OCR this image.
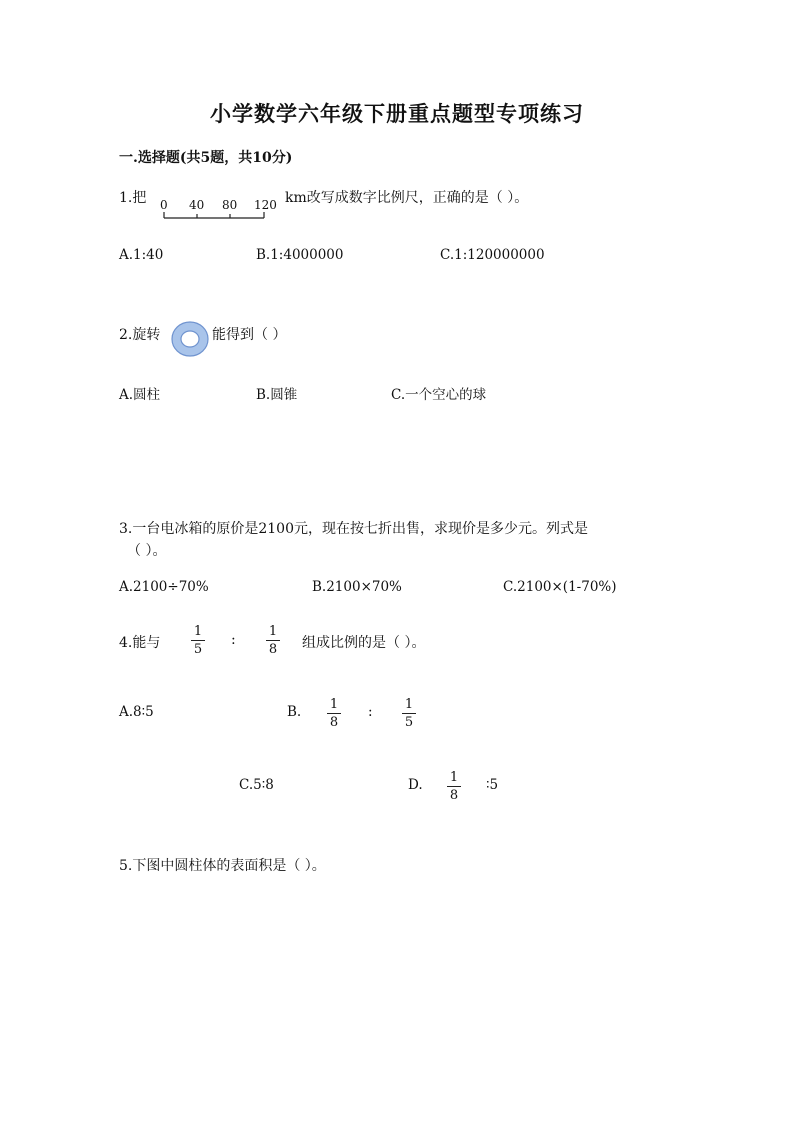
小学数学六年级下册重点题型专项练习
一.选择题(共5题，共10分)
1.把 0 40 80 120 km改写成数字比例尺，正确的是（ ）。
A.1:40	B.1:4000000	C.1:120000000
2.旋转	能得到（ ）
A.圆柱	B.圆锥	C.一个空心的球
3.一台电冰箱的原价是2100元，现在按七折出售，求现价是多少元。列式是
（ ）。
A.2100÷70%	B.2100×70%	C.2100×(1-70%)
4.能与
1
5
:
1
8 组成比例的是（ ）。
A.8∶5	B. 1
8
: 1
5
C.5∶8	D. 1
8
∶5
5.下图中圆柱体的表面积是（ ）。
